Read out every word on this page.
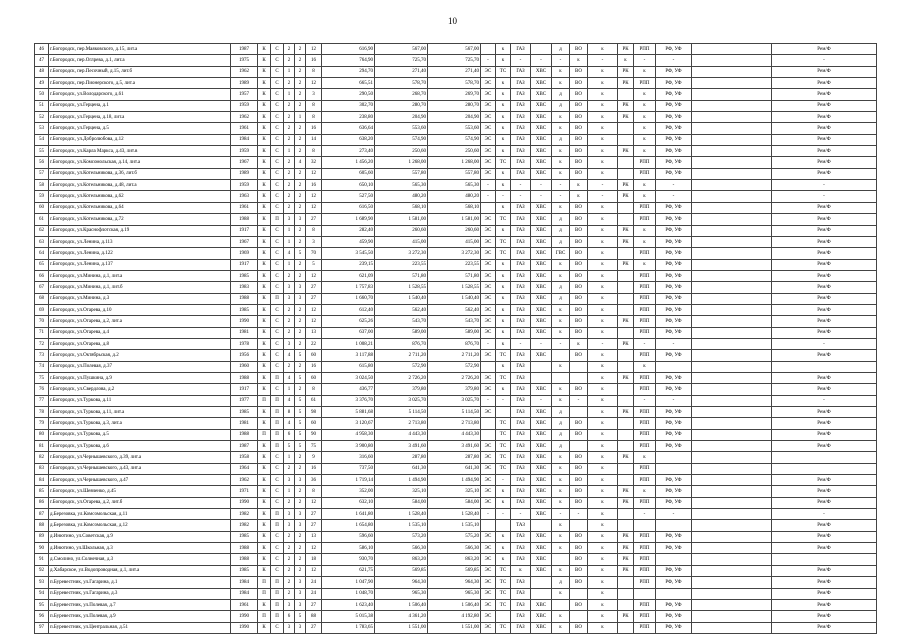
10
46	г.Богородск, пер.Маяковского, д.15, лит.а	1987	К	С	2	2	12	616,90	567,00	567,00		к	ГАЗ		д	ВО	к	РК	РПП	РФ, УФ		Рем/Ф
47	г.Богородск, пер.Оглрева, д.1, лит.а	1975	К	С	2	2	16	764,90	725,70	725,70	-	к	-	-	-	к	-	к	-	-		-
48	г.Богородск, пер.Песочный, д.15, лит.б	1962	К	С	1	2	8	294,70	271,40	271,40	ЭС	ТС	ГАЗ	ХВС	к	ВО	к	РК	к	РФ, УФ		Рем/Ф
49	г.Богородск, пер.Пионерского, д.5, лит.а	1989	К	С	2	2	12	665,51	578,70	578,70	ЭС	к	ГАЗ	ХВС	к	ВО	к	РК	РПП	РФ, УФ		Рем/Ф
50	г.Богородск, ул.Володарского, д.61	1957	К	С	1	2	3	290,50	268,70	269,70	ЭС	к	ГАЗ	ХВС	д	ВО	к		к	РФ, УФ		Рем/Ф
51	г.Богородск, ул.Герцена, д.1	1959	К	С	2	2	8	302,70	280,70	280,70	ЭС	к	ГАЗ	ХВС	д	ВО	к	РК	к	РФ, УФ		Рем/Ф
52	г.Богородск, ул.Герцена, д.18, лит.а	1962	К	С	2	1	8	238,80	204,90	204,90	ЭС	к	ГАЗ	ХВС	к	ВО	к	РК	к	РФ, УФ		Рем/Ф
53	г.Богородск, ул.Герцена, д.5	1961	К	С	2	2	16	636,64	553,60	553,60	ЭС	к	ГАЗ	ХВС	к	ВО	к		к	РФ, УФ		Рем/Ф
54	г.Богородск, ул.Добролюбова, д.12	1984	К	С	2	2	14	638,20	574,90	574,90	ЭС	к	ГАЗ	ХВС	д	ВО	к		к	РФ, УФ		Рем/Ф
55	г.Богородск, ул.Карла Маркса, д.43, лит.в	1959	К	С	1	2	8	273,40	250,60	250,60	ЭС	к	ГАЗ	ХВС	к	ВО	к	РК	к	РФ, УФ		Рем/Ф
56	г.Богородск, ул.Комсомольская, д.14, лит.а	1967	К	С	2	4	32	1 456,20	1 268,00	1 268,00	ЭС	ТС	ГАЗ	ХВС	к	ВО	к		РПП	РФ, УФ		Рем/Ф
57	г.Богородск, ул.Котельникова, д.36, лит.б	1989	К	С	2	2	12	605,60	557,80	557,80	ЭС	к	ГАЗ	ХВС	к	ВО	к		РПП	РФ, УФ		Рем/Ф
58	г.Богородск, ул.Котельникова, д.48, лит.а	1959	К	С	2	2	16	650,10	565,30	565,30	-	к	-	-	-	к	-	РК	к	-		-
59	г.Богородск, ул.Котельникова, д.62	1963	К	С	2	2	12	527,50	480,20	480,20	-	-	-	-	-	к	-	РК	к	-		-
60	г.Богородск, ул.Котельникова, д.64	1961	К	С	2	2	12	616,50	568,10	568,10		к	ГАЗ	ХВС	к	ВО	к		РПП	РФ, УФ		Рем/Ф
61	г.Богородск, ул.Котельникова, д.72	1988	К	П	3	3	27	1 689,90	1 581,00	1 581,00	ЭС	ТС	ГАЗ	ХВС	д	ВО	к		РПП	РФ, УФ		Рем/Ф
62	г.Богородск, ул.Краснофлотская, д.19	1917	К	С	1	2	8	282,40	260,60	260,60	ЭС	к	ГАЗ	ХВС	д	ВО	к	РК	к	РФ, УФ		Рем/Ф
63	г.Богородск, ул.Ленина, д.113	1967	К	С	1	2	3	459,90	415,00	415,00	ЭС	ТС	ГАЗ	ХВС	д	ВО	к	РК	к	РФ, УФ		Рем/Ф
64	г.Богородск, ул.Ленина, д.122	1969	К	С	4	5	70	3 545,50	3 272,30	3 272,30	ЭС	ТС	ГАЗ	ХВС	ГВС	ВО	к		РПП	РФ, УФ		Рем/Ф
65	г.Богородск, ул.Ленина, д.137	1917	К	С	1	2	5	239,15	223,55	223,55	ЭС	к	ГАЗ	ХВС	к	ВО	к	РК	к	РФ, УФ		Рем/Ф
66	г.Богородск, ул.Минина, д.1, лит.а	1985	К	С	2	2	12	621,09	571,80	571,80	ЭС	к	ГАЗ	ХВС	к	ВО	к		РПП	РФ, УФ		Рем/Ф
67	г.Богородск, ул.Минина, д.1, лит.б	1983	К	С	3	3	27	1 757,83	1 528,55	1 528,55	ЭС	к	ГАЗ	ХВС	д	ВО	к		РПП	РФ, УФ		Рем/Ф
68	г.Богородск, ул.Минина, д.3	1988	К	П	3	3	27	1 660,70	1 540,40	1 540,40	ЭС	к	ГАЗ	ХВС	д	ВО	к		РПП	РФ, УФ		Рем/Ф
69	г.Богородск, ул.Огарева, д.10	1985	К	С	2	2	12	612,40	562,40	562,40	ЭС	к	ГАЗ	ХВС	к	ВО	к		РПП	РФ, УФ		Рем/Ф
70	г.Богородск, ул.Огарева, д.2, лит.а	1990	К	С	2	2	12	625,26	543,70	543,70	ЭС	к	ГАЗ	ХВС	к	ВО	к	РК	РПП	РФ, УФ		Рем/Ф
71	г.Богородск, ул.Огарева, д.4	1981	К	С	2	2	13	637,00	589,00	589,00	ЭС	к	ГАЗ	ХВС	к	ВО	к		РПП	РФ, УФ		Рем/Ф
72	г.Богородск, ул.Огарева, д.8	1978	К	С	3	2	22	1 008,21	876,70	876,70	-	к	-	-	-	к	-	РК	-	-		-
73	г.Богородск, ул.Октябрьская, д.2	1956	К	С	4	5	60	3 117,88	2 711,20	2 711,20	ЭС	ТС	ГАЗ	ХВС		ВО	к		РПП	РФ, УФ		Рем/Ф
74	г.Богородск, ул.Полевая, д.37	1960	К	С	2	2	16	615,80	572,90	572,90		к	ГАЗ		к		к		к			
75	г.Богородск, ул.Пушкина, д.9	1988	К	П	4	5	60	3 024,50	2 726,20	2 726,20	ЭС	ТС	ГАЗ				к	РК	РПП	РФ, УФ		Рем/Ф
76	г.Богородск, ул.Свердлова, д.2	1917	К	С	1	2	8	436,77	379,80	379,80	ЭС	к	ГАЗ	ХВС	к	ВО	к		РПП	РФ, УФ		Рем/Ф
77	г.Богородск, ул.Туркова, д.11	1977	П	П	4	5	61	3 376,70	3 025,70	3 025,70	-	-	ГАЗ	-	к	-	к		-	-		-
78	г.Богородск, ул.Туркова, д.11, лит.а	1985	К	П	8	5	98	5 881,68	5 114,50	5 114,50	ЭС		ГАЗ	ХВС	д		к	РК	РПП	РФ, УФ		Рем/Ф
79	г.Богородск, ул.Туркова, д.3, лит.а	1981	К	П	4	5	60	3 120,67	2 713,80	2 713,80		ТС	ГАЗ	ХВС	д	ВО	к		РПП	РФ, УФ		Рем/Ф
80	г.Богородск, ул.Туркова, д.5	1988	П	П	6	5	90	4 958,30	4 443,30	4 443,30		ТС	ГАЗ	ХВС	д	ВО	к		РПП	РФ, УФ		Рем/Ф
81	г.Богородск, ул.Туркова, д.6	1987	К	П	5	5	75	3 900,80	3 491,60	3 491,60	ЭС	ТС	ГАЗ	ХВС	д		к		РПП	РФ, УФ		Рем/Ф
82	г.Богородск, ул.Чернышевского, д.39, лит.а	1958	К	С	1	2	9	316,60	287,80	287,80	ЭС	ТС	ГАЗ	ХВС	к	ВО	к	РК	к			
83	г.Богородск, ул.Чернышевского, д.43, лит.а	1964	К	С	2	2	16	737,50	641,30	641,30	ЭС	ТС	ГАЗ	ХВС	к	ВО	к		РПП			
84	г.Богородск, ул.Чернышевского, д.47	1962	К	С	3	3	36	1 719,14	1 494,90	1 494,90	ЭС	-	ГАЗ	ХВС	к	ВО	к		РПП	РФ, УФ		Рем/Ф
85	г.Богородск, ул.Шевченко, д.45	1971	К	С	1	2	8	352,00	325,10	325,10	ЭС	к	ГАЗ	ХВС	к	ВО	к	РК	к	РФ, УФ		Рем/Ф
86	г.Богородск, ул.Огарева, д.2, лит.б	1990	К	С	2	2	12	632,10	584,00	584,00	ЭС	к	ГАЗ	ХВС	к	ВО	к	РК	РПП	РФ, УФ		Рем/Ф
87	д.Березовка, ул.Комсомольская, д.11	1982	К	П	3	3	27	1 641,80	1 528,40	1 528,40	-	-	-	ХВС	-	-	к		-	-		-
88	д.Березовка, ул.Комсомольская, д.12	1982	К	П	3	3	27	1 654,80	1 535,10	1 535,10			ТАЗ		к		к					Рем/Ф
89	д.Инютино, ул.Советская, д.9	1985	К	С	2	2	13	596,60	573,20	575,20	ЭС	к	ГАЗ	ХВС	к	ВО	к	РК	РПП	РФ, УФ		Рем/Ф
90	д.Инютино, ул.Школьная, д.3	1988	К	С	2	2	12	586,10	566,30	566,30	ЭС	к	ГАЗ	ХВС	к	ВО	к	РК	РПП	РФ, УФ		Рем/Ф
91	д.Смолино, ул.Солнечная, д.3	1988	К	С	2	2	18	930,70	863,20	863,20	ЭС	к	ГАЗ	ХВС		ВО	к	РК	РПП			
92	д.Хабарское, ул.Водопроводная, д.1, лит.а	1985	К	С	2	2	12	621,75	569,85	569,85	ЭС	ТС	к	ХВС	к	ВО	к	РК	РПП	РФ, УФ		Рем/Ф
93	п.Буревестник, ул.Гагарина, д.1	1984	П	П	2	3	24	1 047,90	964,30	964,30	ЭС	ТС	ГАЗ		д	ВО	к		РПП	РФ, УФ		Рем/Ф
94	п.Буревестник, ул.Гагарина, д.3	1984	П	П	2	3	24	1 048,70	965,30	965,30	ЭС	ТС	ГАЗ		к		к					Рем/Ф
95	п.Буревестник, ул.Полевая, д.7	1961	К	П	3	3	27	1 623,40	1 506,40	1 506,40	ЭС	ТС	ГАЗ	ХВС		ВО	к		РПП	РФ, УФ		Рем/Ф
96	п.Буревестник, ул.Полевая, д.9	1990	П	П	6	5	88	5 015,38	4 361,20	4 192,80	ЭС		ГАЗ	ХВС	к		к	РК	РПП	РФ, УФ		Рем/Ф
97	п.Буревестник, ул.Центральная, д.51	1990	К	С	3	3	27	1 783,65	1 551,00	1 551,00	ЭС	ТС	ГАЗ	ХВС	к	ВО	к		РПП	РФ, УФ		Рем/Ф
